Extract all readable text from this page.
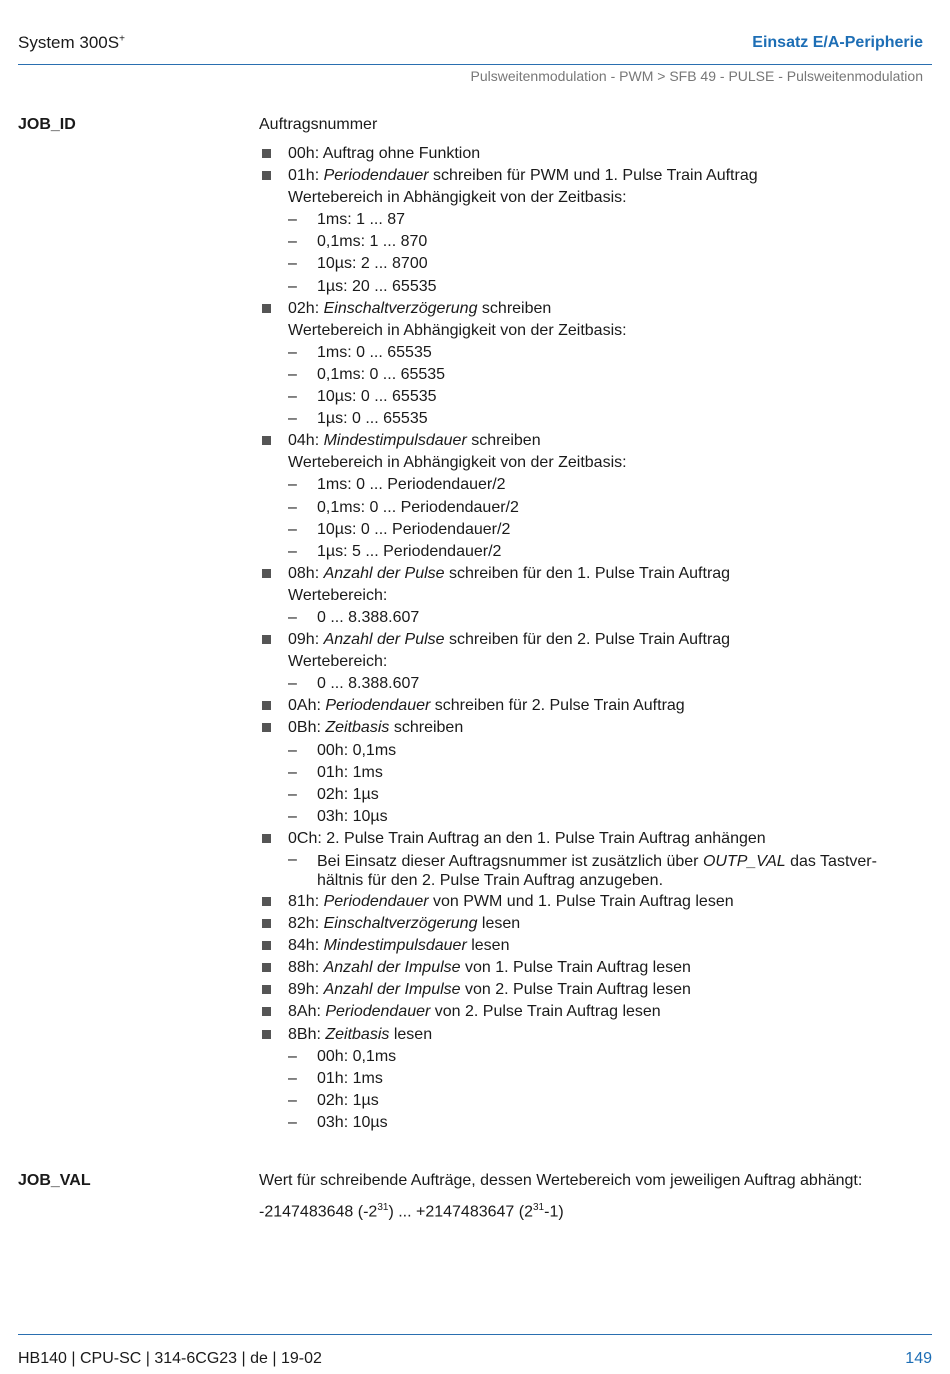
System 300S+	Einsatz E/A-Peripherie
Pulsweitenmodulation - PWM > SFB 49 - PULSE - Pulsweitenmodulation
JOB_ID	Auftragsnummer
00h: Auftrag ohne Funktion
01h: Periodendauer schreiben für PWM und 1. Pulse Train Auftrag
Wertebereich in Abhängigkeit von der Zeitbasis:
– 1ms: 1 ... 87
– 0,1ms: 1 ... 870
– 10µs: 2 ... 8700
– 1µs: 20 ... 65535
02h: Einschaltverzögerung schreiben
Wertebereich in Abhängigkeit von der Zeitbasis:
– 1ms: 0 ... 65535
– 0,1ms: 0 ... 65535
– 10µs: 0 ... 65535
– 1µs: 0 ... 65535
04h: Mindestimpulsdauer schreiben
Wertebereich in Abhängigkeit von der Zeitbasis:
– 1ms: 0 ... Periodendauer/2
– 0,1ms: 0 ... Periodendauer/2
– 10µs: 0 ... Periodendauer/2
– 1µs: 5 ... Periodendauer/2
08h: Anzahl der Pulse schreiben für den 1. Pulse Train Auftrag
Wertebereich:
– 0 ... 8.388.607
09h: Anzahl der Pulse schreiben für den 2. Pulse Train Auftrag
Wertebereich:
– 0 ... 8.388.607
0Ah: Periodendauer schreiben für 2. Pulse Train Auftrag
0Bh: Zeitbasis schreiben
– 00h: 0,1ms
– 01h: 1ms
– 02h: 1µs
– 03h: 10µs
0Ch: 2. Pulse Train Auftrag an den 1. Pulse Train Auftrag anhängen
– Bei Einsatz dieser Auftragsnummer ist zusätzlich über OUTP_VAL das Tastver-
hältnis für den 2. Pulse Train Auftrag anzugeben.
81h: Periodendauer von PWM und 1. Pulse Train Auftrag lesen
82h: Einschaltverzögerung lesen
84h: Mindestimpulsdauer lesen
88h: Anzahl der Impulse von 1. Pulse Train Auftrag lesen
89h: Anzahl der Impulse von 2. Pulse Train Auftrag lesen
8Ah: Periodendauer von 2. Pulse Train Auftrag lesen
8Bh: Zeitbasis lesen
– 00h: 0,1ms
– 01h: 1ms
– 02h: 1µs
– 03h: 10µs
JOB_VAL	Wert für schreibende Aufträge, dessen Wertebereich vom jeweiligen Auftrag abhängt:
-2147483648 $(-2^{31})$ ... +2147483647 $(2^{31}-1)$
HB140 | CPU-SC | 314-6CG23 | de | 19-02	149
